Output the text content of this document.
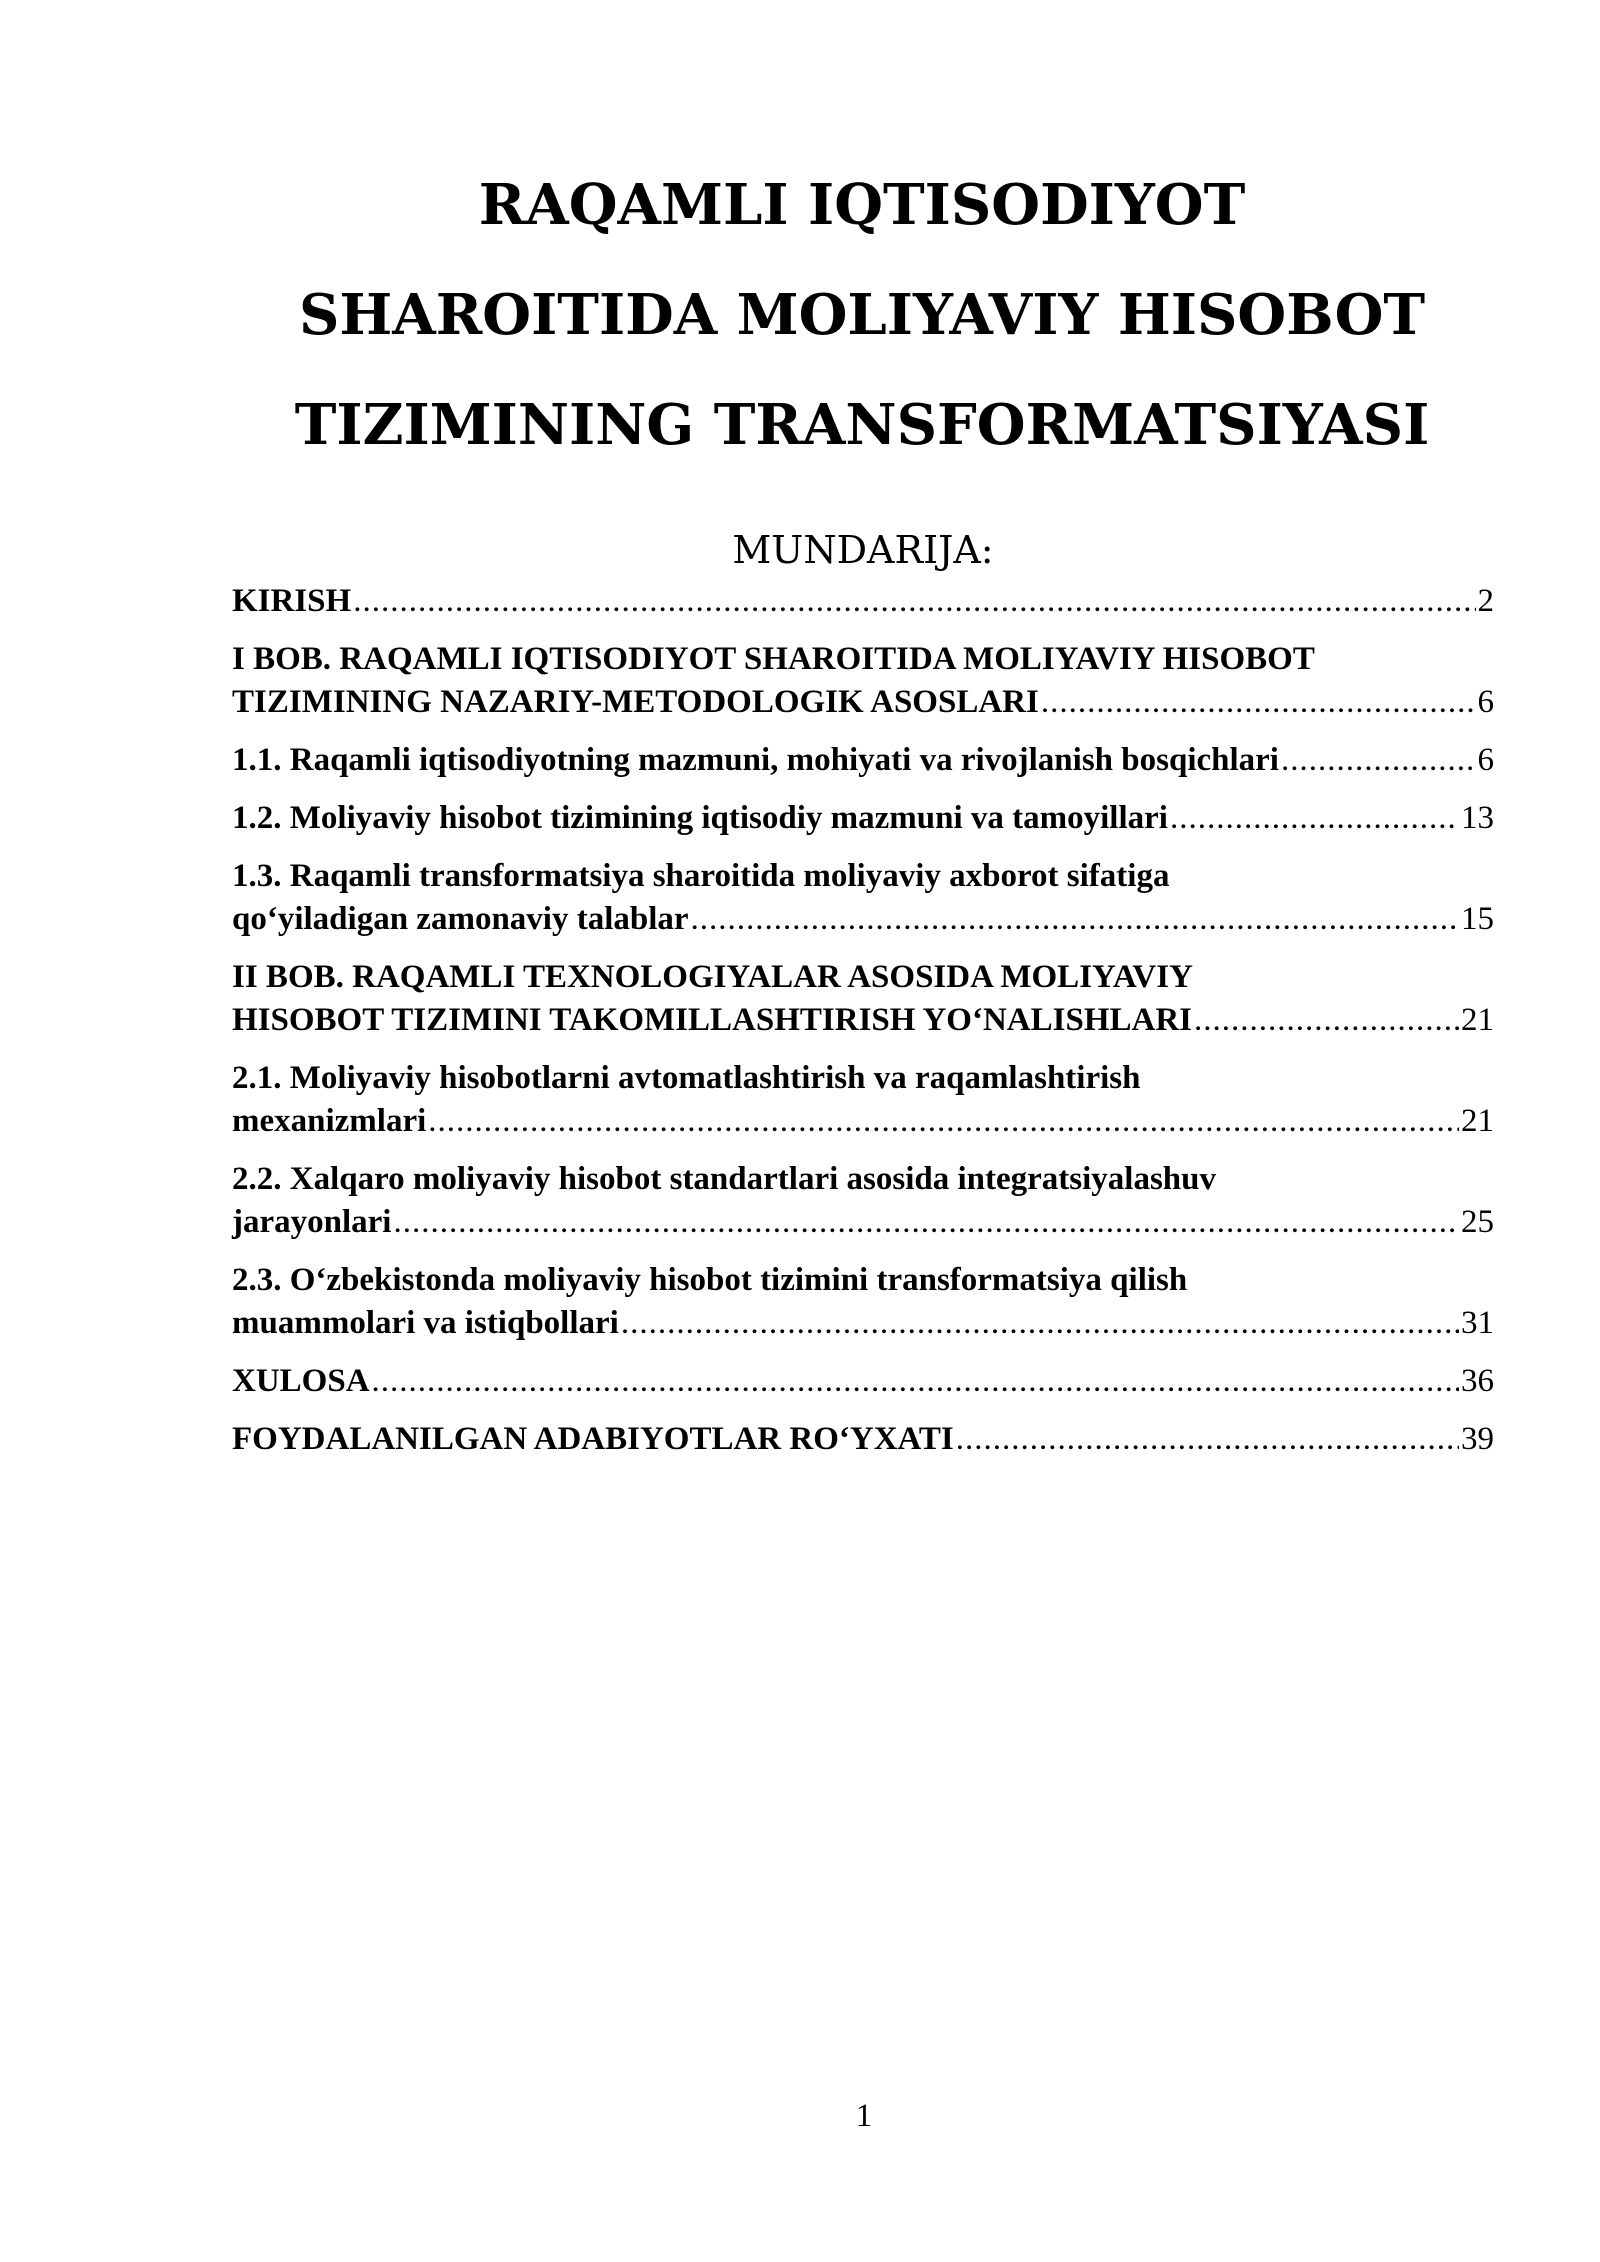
RAQAMLI IQTISODIYOT
SHAROITIDA MOLIYAVIY HISOBOT
TIZIMINING TRANSFORMATSIYASI
MUNDARIJA:
KIRISH .....	2
I BOB. RAQAMLI IQTISODIYOT SHAROITIDA MOLIYAVIY HISOBOT
TIZIMINING NAZARIY-METODOLOGIK ASOSLARI .....	6
1.1. Raqamli iqtisodiyotning mazmuni, mohiyati va rivojlanish bosqichlari .....	6
1.2. Moliyaviy hisobot tizimining iqtisodiy mazmuni va tamoyillari .....	13
1.3. Raqamli transformatsiya sharoitida moliyaviy axborot sifatiga
qo‘yiladigan zamonaviy talablar .....	15
II BOB. RAQAMLI TEXNOLOGIYALAR ASOSIDA MOLIYAVIY
HISOBOT TIZIMINI TAKOMILLASHTIRISH YO‘NALISHLARI .....	21
2.1. Moliyaviy hisobotlarni avtomatlashtirish va raqamlashtirish
mexanizmlari .....	21
2.2. Xalqaro moliyaviy hisobot standartlari asosida integratsiyalashuv
jarayonlari .....	25
2.3. O‘zbekistonda moliyaviy hisobot tizimini transformatsiya qilish
muammolari va istiqbollari .....	31
XULOSA .....	36
FOYDALANILGAN ADABIYOTLAR RO‘YXATI .....	39
1
